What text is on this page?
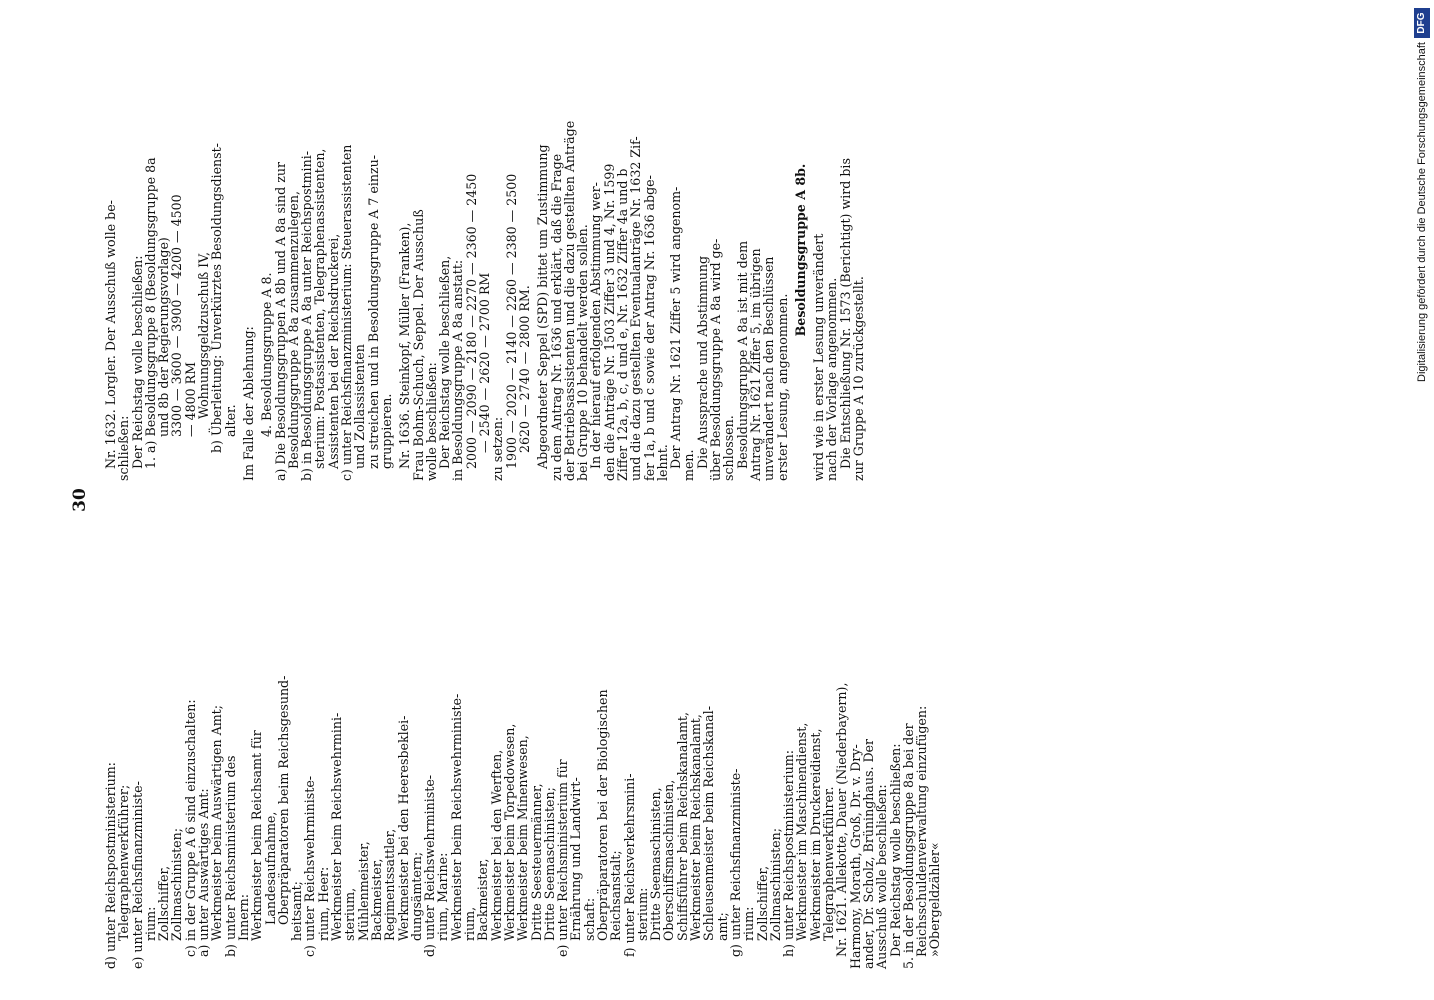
30
d) unter Reichspostministerium:
Telegraphenwerkführer;
e) unter Reichsfinanzministe-
rium:
Zollschiffer,
Zollmaschinisten;
c) in der Gruppe A 6 sind einzuschalten:
a) unter Auswärtiges Amt:
Werkmeister beim Auswärtigen Amt;
b) unter Reichsministerium des
Innern:
Werkmeister beim Reichsamt für
Landesaufnahme,
Oberpräparatoren beim Reichsgesund-
heitsamt;
c) unter Reichswehrministe-
rium, Heer:
Werkmeister beim Reichswehrmini-
sterium,
Mühlenmeister,
Backmeister,
Regimentssattler,
Werkmeister bei den Heeresbeklei-
dungsämtern;
d) unter Reichswehrministe-
rium, Marine:
Werkmeister beim Reichswehrministe-
rium,
Backmeister,
Werkmeister bei den Werften,
Werkmeister beim Torpedowesen,
Werkmeister beim Minenwesen,
Dritte Seesteuermänner,
Dritte Seemaschinisten;
e) unter Reichsministerium für
Ernährung und Landwirt-
schaft:
Oberpräparatoren bei der Biologischen
Reichsanstalt;
f) unter Reichsverkehrsmini-
sterium:
Dritte Seemaschinisten,
Oberschiffsmaschinisten,
Schiffsführer beim Reichskanalamt,
Werkmeister beim Reichskanalamt,
Schleusenmeister beim Reichskanal-
amt;
g) unter Reichsfinanzministe-
rium:
Zollschiffer,
Zollmaschinisten;
h) unter Reichspostministerium:
Werkmeister im Maschinendienst,
Werkmeister im Druckereidienst,
Telegraphenwerkführer.
Nr. 1621. Allekotte, Dauer (Niederbayern),
Harmony, Morath, Groß, Dr. v. Dry-
ander, Dr. Scholz, Brüninghaus. Der
Ausschuß wolle beschließen:
Der Reichstag wolle beschließen:
5. in der Besoldungsgruppe 8a bei der
Reichsschuldenverwaltung einzufügen:
»Obergeldzähler«
Nr. 1632. Lorgler. Der Ausschuß wolle be-
schließen:
Der Reichstag wolle beschließen:
1. a) Besoldungsgruppe 8 (Besoldungsgruppe 8a
und 8b der Regierungsvorlage)
3300 — 3600 — 3900 — 4200 — 4500
— 4800 RM
Wohnungsgeldzuschuß IV,
b) Überleitung: Unverkürztes Besoldungsdienst-
alter. Im Falle der Ablehnung: 4. Besoldungsgruppe A 8.
a) Die Besoldungsgruppen A 8b und A 8a sind zur
Besoldungsgruppe A 8a zusammenzulegen,
b) in Besoldungsgruppe A 8a unter Reichspostmini-
sterium: Postassistenten, Telegraphenassistenten,
Assistenten bei der Reichsdruckerei,
c) unter Reichsfinanzministerium: Steuerassistenten
und Zollassistenten
zu streichen und in Besoldungsgruppe A 7 einzu-
gruppieren. Nr. 1636. Steinkopf, Müller (Franken),
Frau Bohm-Schuch, Seppel. Der Ausschuß
wolle beschließen:
Der Reichstag wolle beschließen,
in Besoldungsgruppe A 8a anstatt:
2000 — 2090 — 2180 — 2270 — 2360 — 2450
— 2540 — 2620 — 2700 RM
zu setzen:
1900 — 2020 — 2140 — 2260 — 2380 — 2500
2620 — 2740 — 2800 RM. Abgeordneter Seppel (SPD) bittet um Zustimmung
zu dem Antrag Nr. 1636 und erklärt, daß die Frage
der Betriebsassistenten und die dazu gestellten Anträge
bei Gruppe 10 behandelt werden sollen.
In der hierauf erfolgenden Abstimmung wer-
den die Anträge Nr. 1503 Ziffer 3 und 4, Nr. 1599
Ziffer 12a, b, c, d und e, Nr. 1632 Ziffer 4a und b
und die dazu gestellten Eventualanträge Nr. 1632 Zif-
fer 1a, b und c sowie der Antrag Nr. 1636 abge-
lehnt.
Der Antrag Nr. 1621 Ziffer 5 wird angenom-
men.
Die Aussprache und Abstimmung
über Besoldungsgruppe A 8a wird ge-
schlossen.
Besoldungsgruppe A 8a ist mit dem
Antrag Nr. 1621 Ziffer 5, im übrigen
unverändert nach den Beschlüssen
erster Lesung, angenommen.
Besoldungsgruppe A 8b. wird wie in erster Lesung unverändert
nach der Vorlage angenommen.
Die Entschließung Nr. 1573 (Berichtigt) wird bis
zur Gruppe A 10 zurückgestellt.	Digitalisierung gefördert durch die Deutsche Forschungsgemeinschaft
DFG
